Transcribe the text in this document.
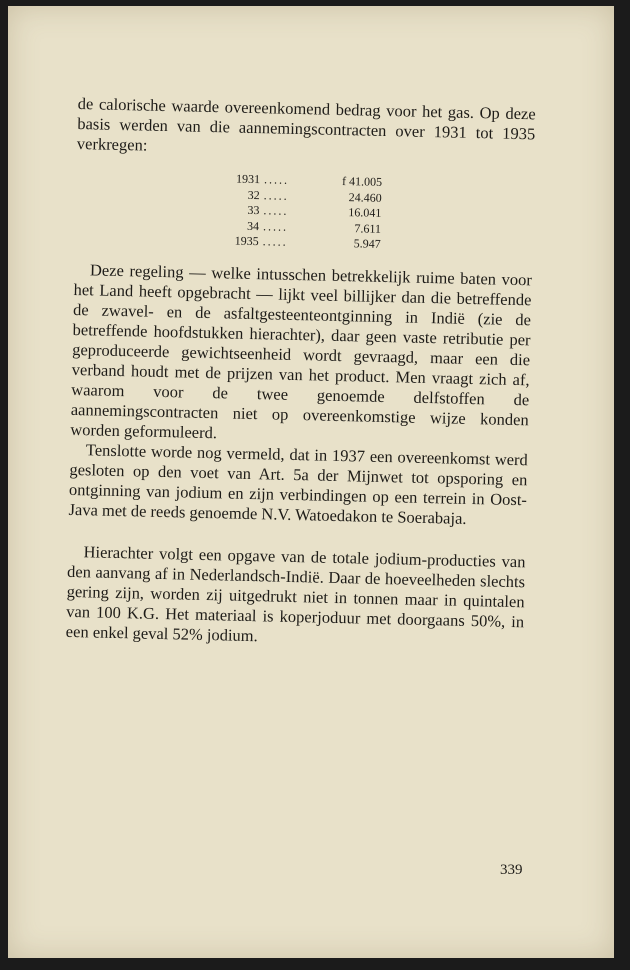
de calorische waarde overeenkomend bedrag voor het gas. Op deze basis werden van die aannemingscontracten over 1931 tot 1935 verkregen:

1931 .....	f 41.005
32 .....	24.460
33 .....	16.041
34 .....	7.611
1935 .....	5.947

Deze regeling — welke intusschen betrekkelijk ruime baten voor het Land heeft opgebracht — lijkt veel billijker dan die betreffende de zwavel- en de asfaltgesteenteontginning in Indië (zie de betreffende hoofdstukken hierachter), daar geen vaste retributie per geproduceerde gewichtseenheid wordt gevraagd, maar een die verband houdt met de prijzen van het product. Men vraagt zich af, waarom voor de twee genoemde delfstoffen de aannemingscontracten niet op overeenkomstige wijze konden worden geformuleerd.

Tenslotte worde nog vermeld, dat in 1937 een overeenkomst werd gesloten op den voet van Art. 5a der Mijnwet tot opsporing en ontginning van jodium en zijn verbindingen op een terrein in Oost-Java met de reeds genoemde N.V. Watoedakon te Soerabaja.

Hierachter volgt een opgave van de totale jodium-producties van den aanvang af in Nederlandsch-Indië. Daar de hoeveelheden slechts gering zijn, worden zij uitgedrukt niet in tonnen maar in quintalen van 100 K.G. Het materiaal is koperjoduur met doorgaans 50%, in een enkel geval 52% jodium.

339
